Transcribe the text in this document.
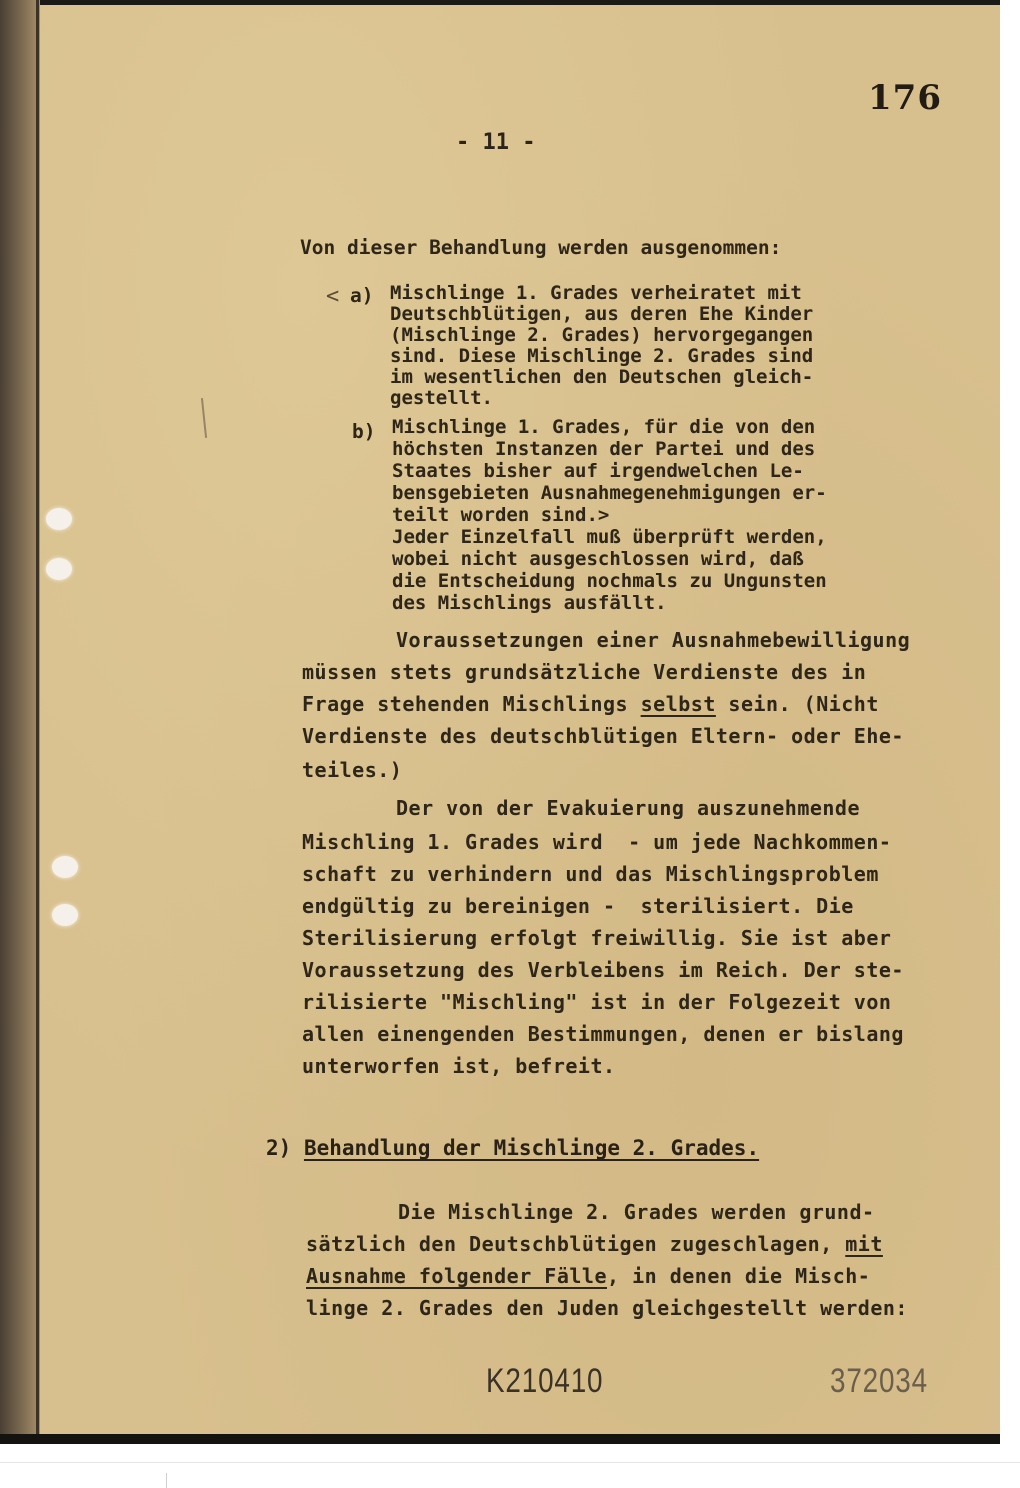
176
- 11 -
Von dieser Behandlung werden ausgenommen:
< a) Mischlinge 1. Grades verheiratet mit
Deutschblütigen, aus deren Ehe Kinder
(Mischlinge 2. Grades) hervorgegangen
sind. Diese Mischlinge 2. Grades sind
im wesentlichen den Deutschen gleich-
gestellt.
b) Mischlinge 1. Grades, für die von den
höchsten Instanzen der Partei und des
Staates bisher auf irgendwelchen Le-
bensgebieten Ausnahmegenehmigungen er-
teilt worden sind.>
Jeder Einzelfall muß überprüft werden,
wobei nicht ausgeschlossen wird, daß
die Entscheidung nochmals zu Ungunsten
des Mischlings ausfällt.
Voraussetzungen einer Ausnahmebewilligung
müssen stets grundsätzliche Verdienste des in
Frage stehenden Mischlings selbst sein. (Nicht
Verdienste des deutschblütigen Eltern- oder Ehe-
teiles.)
Der von der Evakuierung auszunehmende
Mischling 1. Grades wird  - um jede Nachkommen-
schaft zu verhindern und das Mischlingsproblem
endgültig zu bereinigen -  sterilisiert. Die
Sterilisierung erfolgt freiwillig. Sie ist aber
Voraussetzung des Verbleibens im Reich. Der ste-
rilisierte "Mischling" ist in der Folgezeit von
allen einengenden Bestimmungen, denen er bislang
unterworfen ist, befreit.
2) Behandlung der Mischlinge 2. Grades.
Die Mischlinge 2. Grades werden grund-
sätzlich den Deutschblütigen zugeschlagen, mit
Ausnahme folgender Fälle, in denen die Misch-
linge 2. Grades den Juden gleichgestellt werden:
K210410	372034
